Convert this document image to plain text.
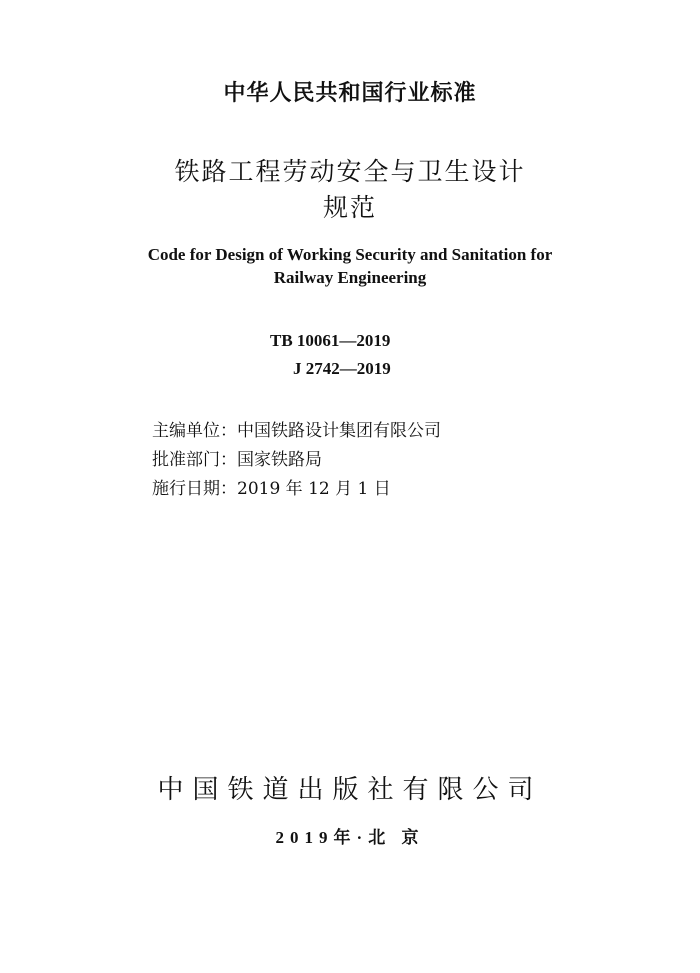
中华人民共和国行业标准
铁路工程劳动安全与卫生设计
规范
Code for Design of Working Security and Sanitation for
Railway Engineering
TB 10061—2019
J 2742—2019
主编单位：中国铁路设计集团有限公司
批准部门：国家铁路局
施行日期：2019 年 12 月 1 日
中国铁道出版社有限公司
2019年·北 京
